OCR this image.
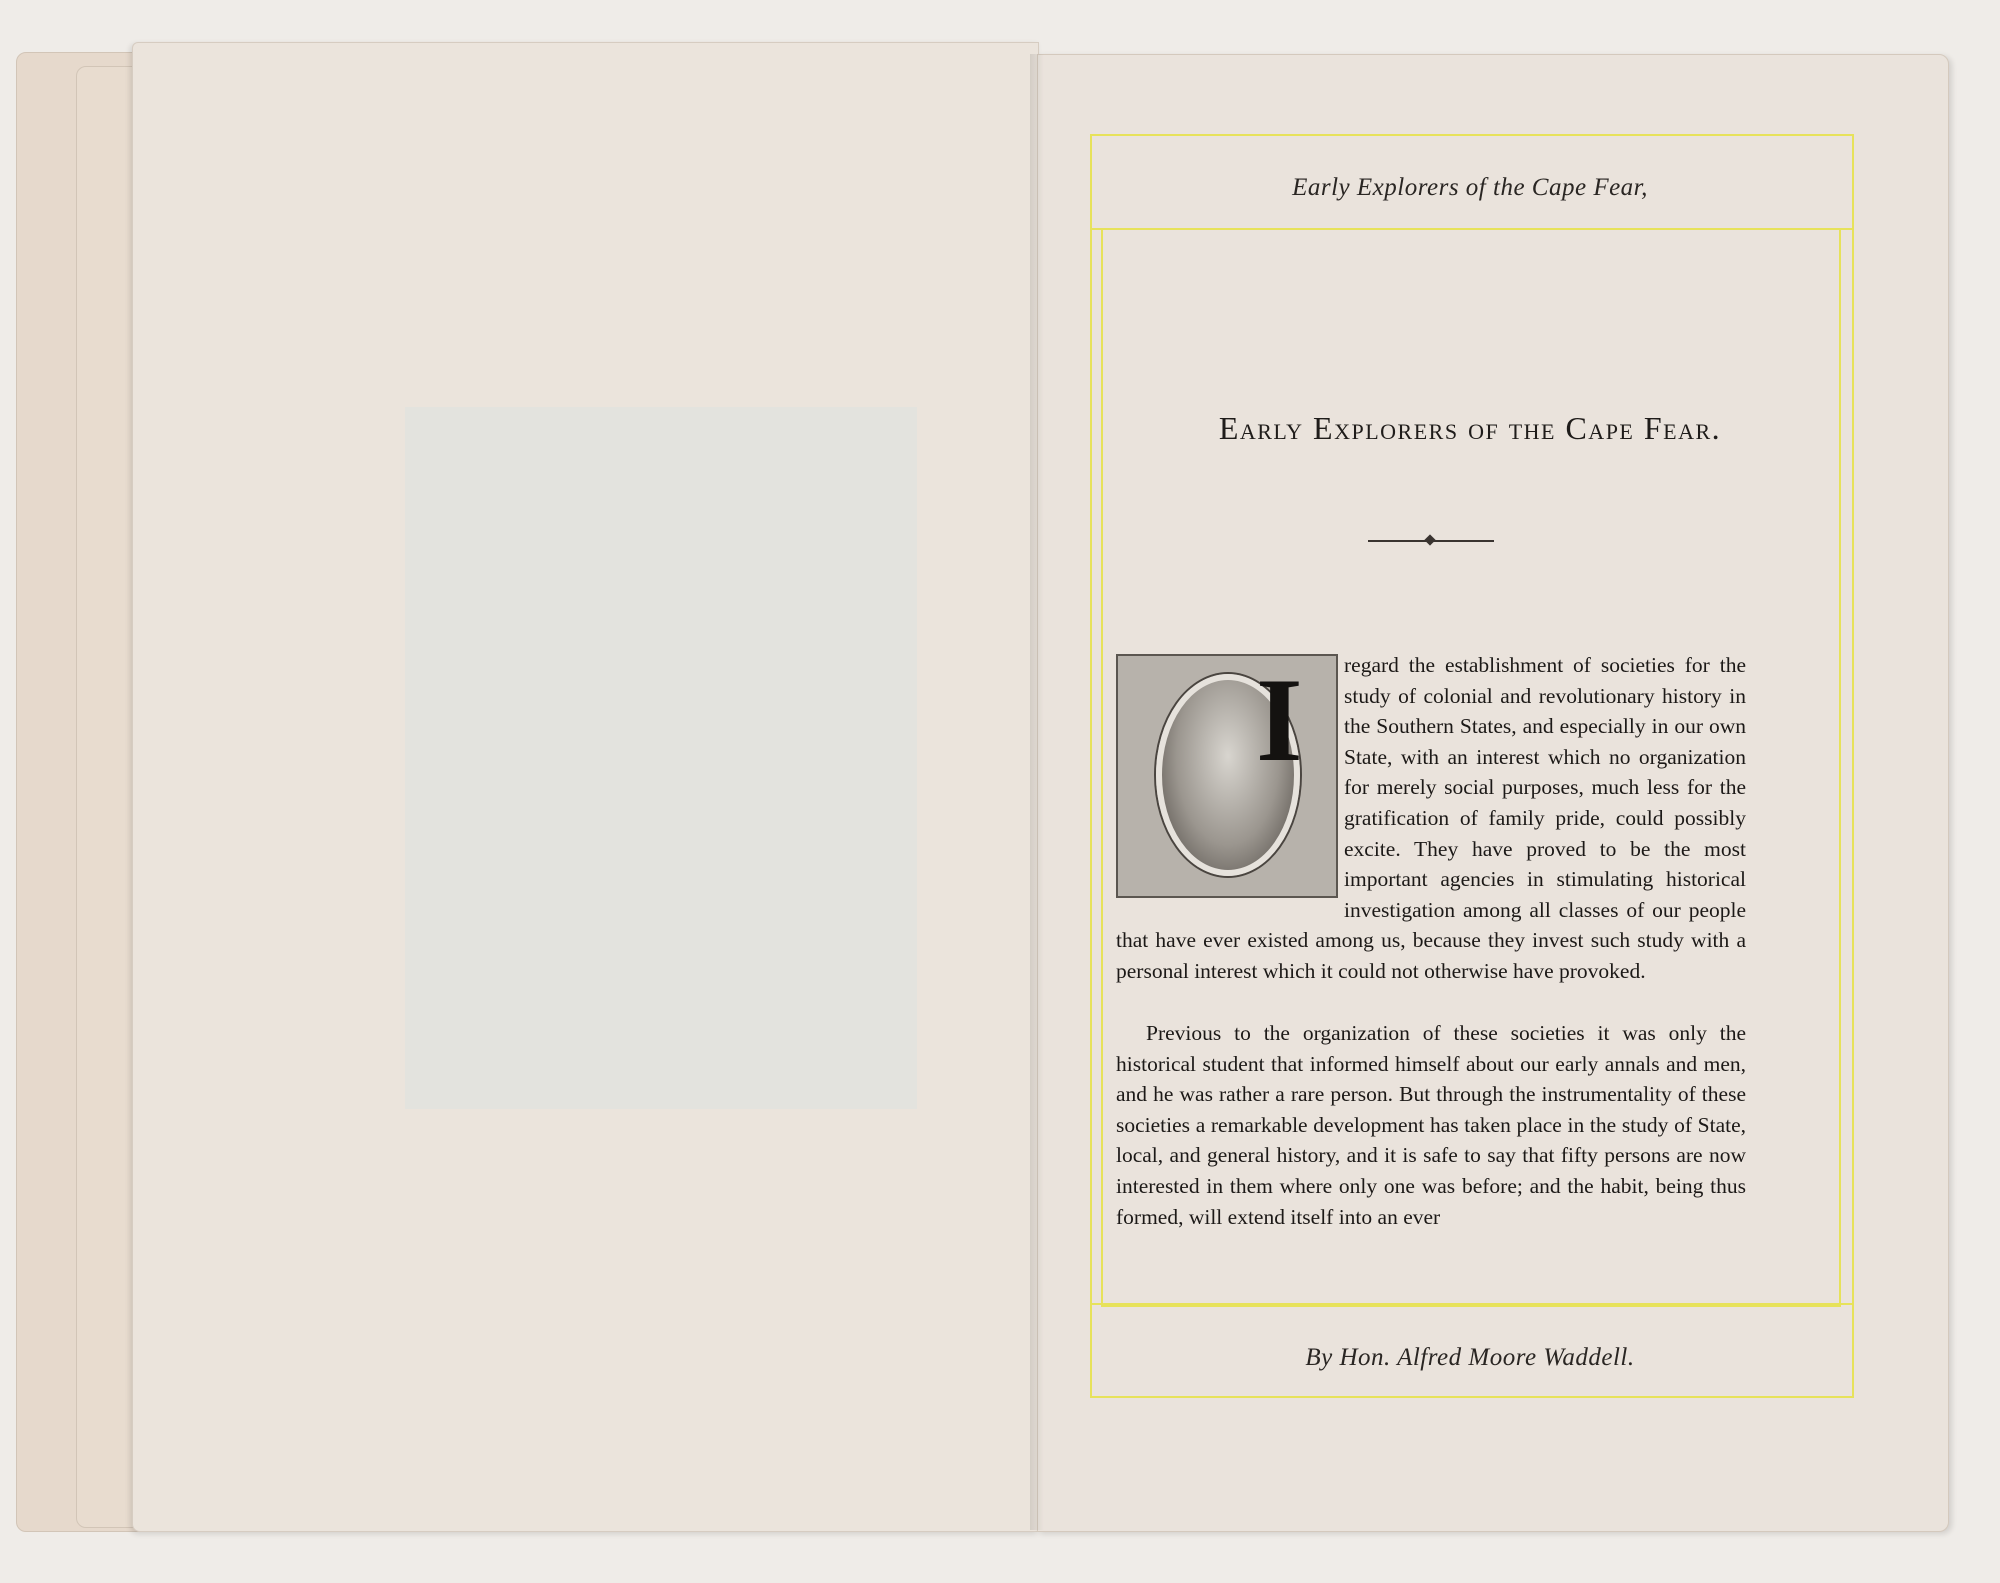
Early Explorers of the Cape Fear,
Early Explorers of the Cape Fear.
regard the establishment of societies for the study of colonial and revolutionary history in the Southern States, and especially in our own State, with an interest which no organization for merely social purposes, much less for the gratification of family pride, could possibly excite. They have proved to be the most important agencies in stimulating historical investigation among all classes of our people that have ever existed among us, because they invest such study with a personal interest which it could not otherwise have provoked.
I
Previous to the organization of these societies it was only the historical student that informed himself about our early annals and men, and he was rather a rare person. But through the instrumentality of these societies a remarkable development has taken place in the study of State, local, and general history, and it is safe to say that fifty persons are now interested in them where only one was before; and the habit, being thus formed, will extend itself into an ever
By Hon. Alfred Moore Waddell.
